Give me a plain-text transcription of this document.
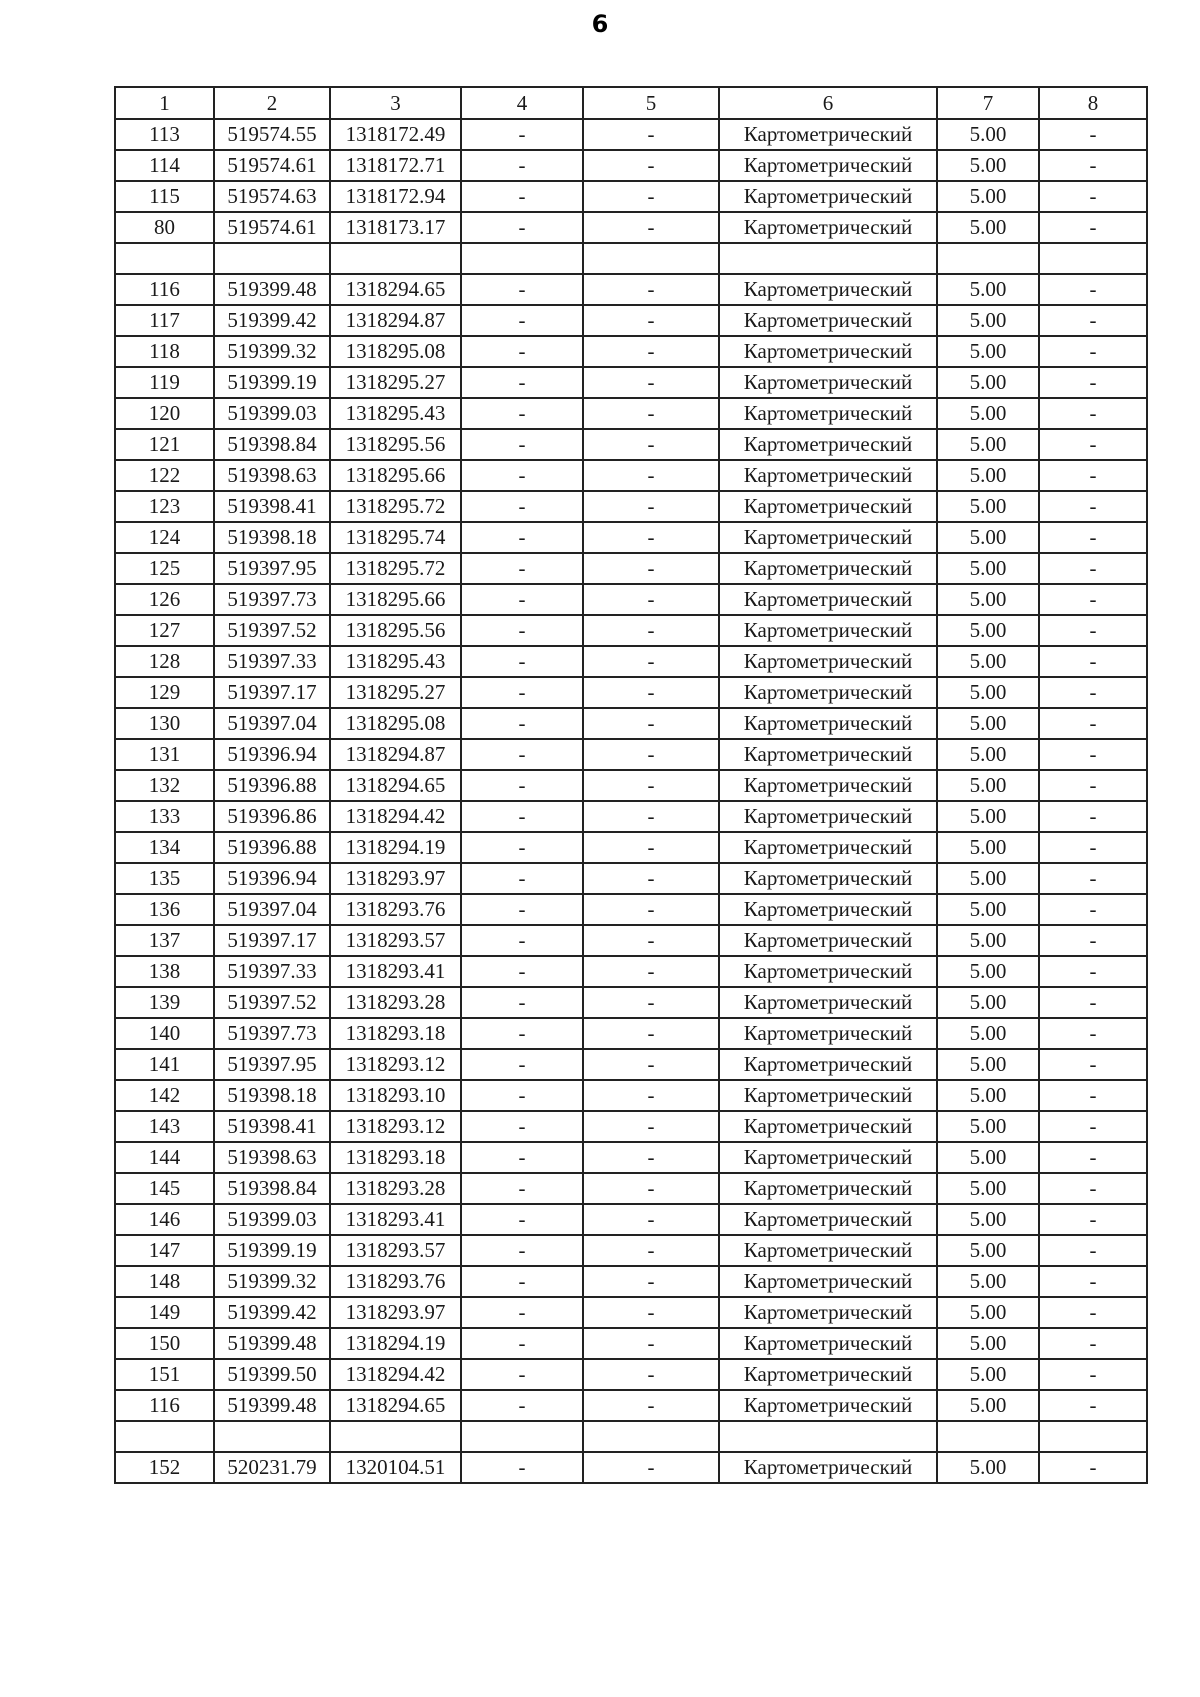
6
1	2	3	4	5	6	7	8
113	519574.55	1318172.49	-	-	Картометрический	5.00	-
114	519574.61	1318172.71	-	-	Картометрический	5.00	-
115	519574.63	1318172.94	-	-	Картометрический	5.00	-
80	519574.61	1318173.17	-	-	Картометрический	5.00	-

116	519399.48	1318294.65	-	-	Картометрический	5.00	-
117	519399.42	1318294.87	-	-	Картометрический	5.00	-
118	519399.32	1318295.08	-	-	Картометрический	5.00	-
119	519399.19	1318295.27	-	-	Картометрический	5.00	-
120	519399.03	1318295.43	-	-	Картометрический	5.00	-
121	519398.84	1318295.56	-	-	Картометрический	5.00	-
122	519398.63	1318295.66	-	-	Картометрический	5.00	-
123	519398.41	1318295.72	-	-	Картометрический	5.00	-
124	519398.18	1318295.74	-	-	Картометрический	5.00	-
125	519397.95	1318295.72	-	-	Картометрический	5.00	-
126	519397.73	1318295.66	-	-	Картометрический	5.00	-
127	519397.52	1318295.56	-	-	Картометрический	5.00	-
128	519397.33	1318295.43	-	-	Картометрический	5.00	-
129	519397.17	1318295.27	-	-	Картометрический	5.00	-
130	519397.04	1318295.08	-	-	Картометрический	5.00	-
131	519396.94	1318294.87	-	-	Картометрический	5.00	-
132	519396.88	1318294.65	-	-	Картометрический	5.00	-
133	519396.86	1318294.42	-	-	Картометрический	5.00	-
134	519396.88	1318294.19	-	-	Картометрический	5.00	-
135	519396.94	1318293.97	-	-	Картометрический	5.00	-
136	519397.04	1318293.76	-	-	Картометрический	5.00	-
137	519397.17	1318293.57	-	-	Картометрический	5.00	-
138	519397.33	1318293.41	-	-	Картометрический	5.00	-
139	519397.52	1318293.28	-	-	Картометрический	5.00	-
140	519397.73	1318293.18	-	-	Картометрический	5.00	-
141	519397.95	1318293.12	-	-	Картометрический	5.00	-
142	519398.18	1318293.10	-	-	Картометрический	5.00	-
143	519398.41	1318293.12	-	-	Картометрический	5.00	-
144	519398.63	1318293.18	-	-	Картометрический	5.00	-
145	519398.84	1318293.28	-	-	Картометрический	5.00	-
146	519399.03	1318293.41	-	-	Картометрический	5.00	-
147	519399.19	1318293.57	-	-	Картометрический	5.00	-
148	519399.32	1318293.76	-	-	Картометрический	5.00	-
149	519399.42	1318293.97	-	-	Картометрический	5.00	-
150	519399.48	1318294.19	-	-	Картометрический	5.00	-
151	519399.50	1318294.42	-	-	Картометрический	5.00	-
116	519399.48	1318294.65	-	-	Картометрический	5.00	-

152	520231.79	1320104.51	-	-	Картометрический	5.00	-
